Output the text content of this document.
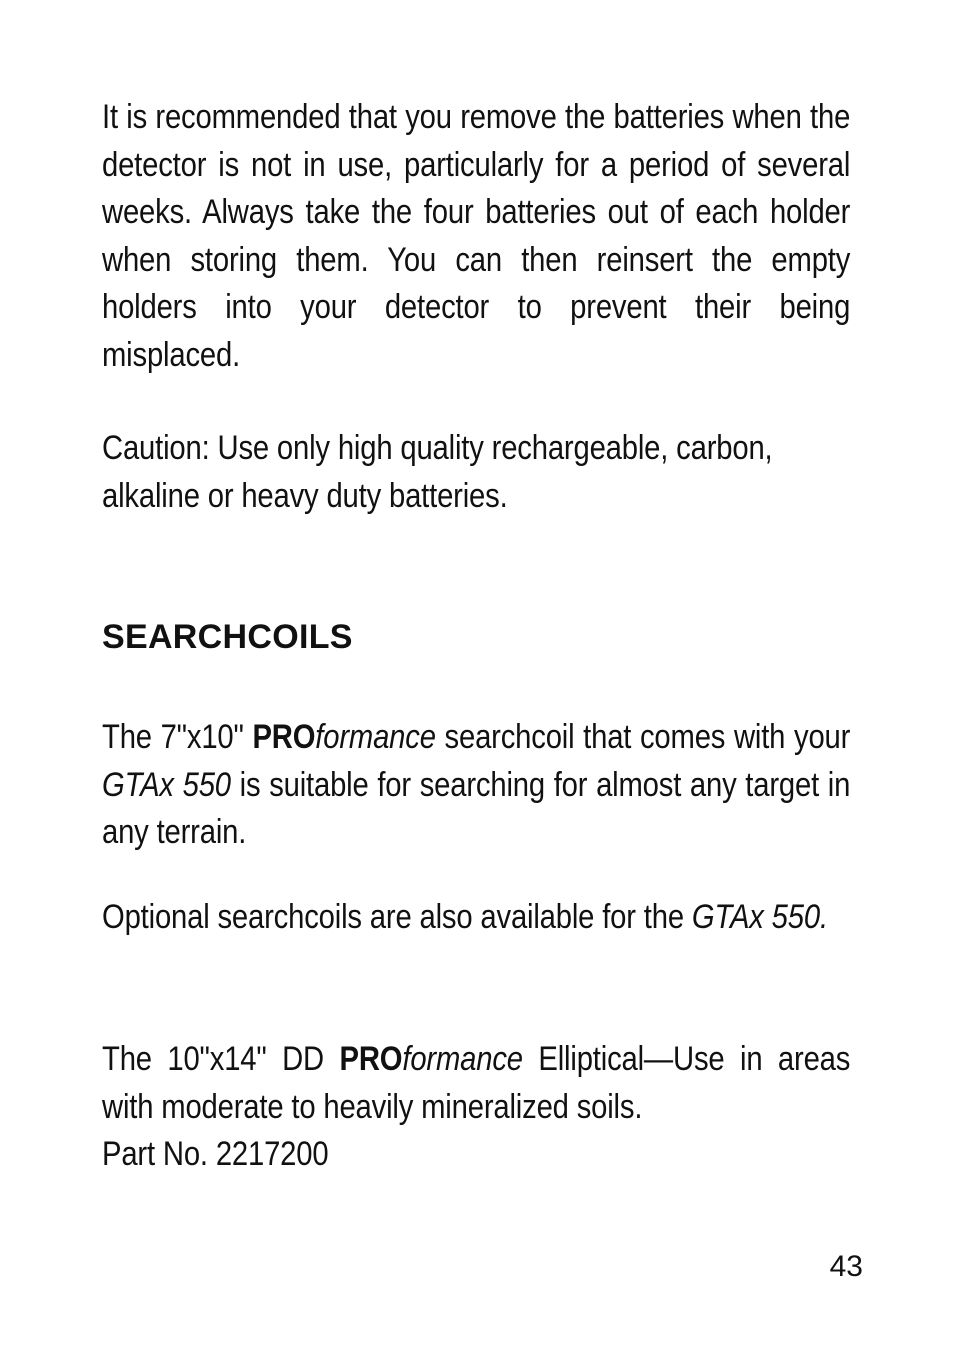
It is recommended that you remove the batteries when the detector is not in use, particularly for a period of several weeks. Always take the four batteries out of each holder when storing them. You can then reinsert the empty holders into your detector to prevent their being misplaced.

Caution: Use only high quality rechargeable, carbon, alkaline or heavy duty batteries.

SEARCHCOILS

The 7"x10" PROformance searchcoil that comes with your GTAx 550 is suitable for searching for almost any target in any terrain.

Optional searchcoils are also available for the GTAx 550.

The 10"x14" DD PROformance Elliptical—Use in areas with moderate to heavily mineralized soils.
Part No. 2217200

43
